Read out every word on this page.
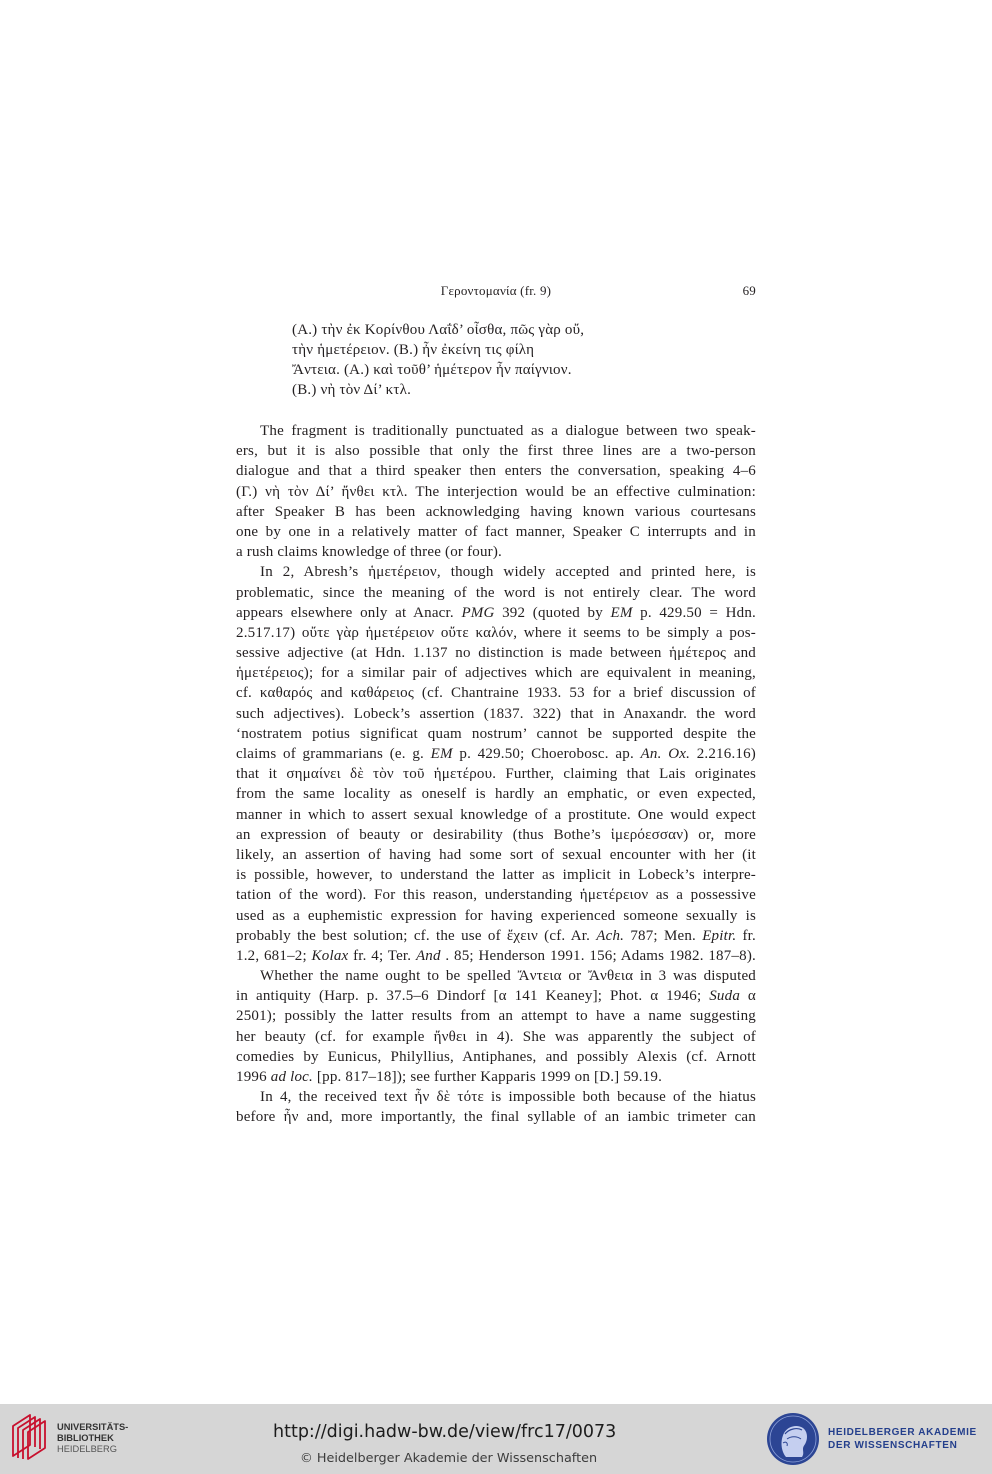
Γεροντομανία (fr. 9)	69
(A.) τὴν ἐκ Κορίνθου Λαΐδ’ οἶσθα, πῶς γὰρ οὔ,
τὴν ἡμετέρειον. (B.) ἦν ἐκείνη τις φίλη
Ἄντεια. (A.) καὶ τοῦθ’ ἡμέτερον ἦν παίγνιον.
(B.) νὴ τὸν Δί’ κτλ.

The fragment is traditionally punctuated as a dialogue between two speak-
ers, but it is also possible that only the first three lines are a two-person
dialogue and that a third speaker then enters the conversation, speaking 4–6
(Γ.) νὴ τὸν Δί’ ἤνθει κτλ. The interjection would be an effective culmination:
after Speaker B has been acknowledging having known various courtesans
one by one in a relatively matter of fact manner, Speaker C interrupts and in
a rush claims knowledge of three (or four).

In 2, Abresh’s ἡμετέρειον, though widely accepted and printed here, is
problematic, since the meaning of the word is not entirely clear. The word
appears elsewhere only at Anacr. PMG 392 (quoted by EM p. 429.50 = Hdn.
2.517.17) οὔτε γὰρ ἡμετέρειον οὔτε καλόν, where it seems to be simply a pos-
sessive adjective (at Hdn. 1.137 no distinction is made between ἡμέτερος and
ἡμετέρειος); for a similar pair of adjectives which are equivalent in meaning,
cf. καθαρός and καθάρειος (cf. Chantraine 1933. 53 for a brief discussion of
such adjectives). Lobeck’s assertion (1837. 322) that in Anaxandr. the word
‘nostratem potius significat quam nostrum’ cannot be supported despite the
claims of grammarians (e. g. EM p. 429.50; Choerobosc. ap. An. Ox. 2.216.16)
that it σημαίνει δὲ τὸν τοῦ ἡμετέρου. Further, claiming that Lais originates
from the same locality as oneself is hardly an emphatic, or even expected,
manner in which to assert sexual knowledge of a prostitute. One would expect
an expression of beauty or desirability (thus Bothe’s ἱμερόεσσαν) or, more
likely, an assertion of having had some sort of sexual encounter with her (it
is possible, however, to understand the latter as implicit in Lobeck’s interpre-
tation of the word). For this reason, understanding ἡμετέρειον as a possessive
used as a euphemistic expression for having experienced someone sexually is
probably the best solution; cf. the use of ἔχειν (cf. Ar. Ach. 787; Men. Epitr. fr.
1.2, 681–2; Kolax fr. 4; Ter. And . 85; Henderson 1991. 156; Adams 1982. 187–8).

Whether the name ought to be spelled Ἄντεια or Ἄνθεια in 3 was disputed
in antiquity (Harp. p. 37.5–6 Dindorf [α 141 Keaney]; Phot. α 1946; Suda α
2501); possibly the latter results from an attempt to have a name suggesting
her beauty (cf. for example ἤνθει in 4). She was apparently the subject of
comedies by Eunicus, Philyllius, Antiphanes, and possibly Alexis (cf. Arnott
1996 ad loc. [pp. 817–18]); see further Kapparis 1999 on [D.] 59.19.

In 4, the received text ἦν δὲ τότε is impossible both because of the hiatus
before ἦν and, more importantly, the final syllable of an iambic trimeter can

UNIVERSITÄTS-
BIBLIOTHEK
HEIDELBERG
http://digi.hadw-bw.de/view/frc17/0073
© Heidelberger Akademie der Wissenschaften
HEIDELBERGER AKADEMIE
DER WISSENSCHAFTEN
